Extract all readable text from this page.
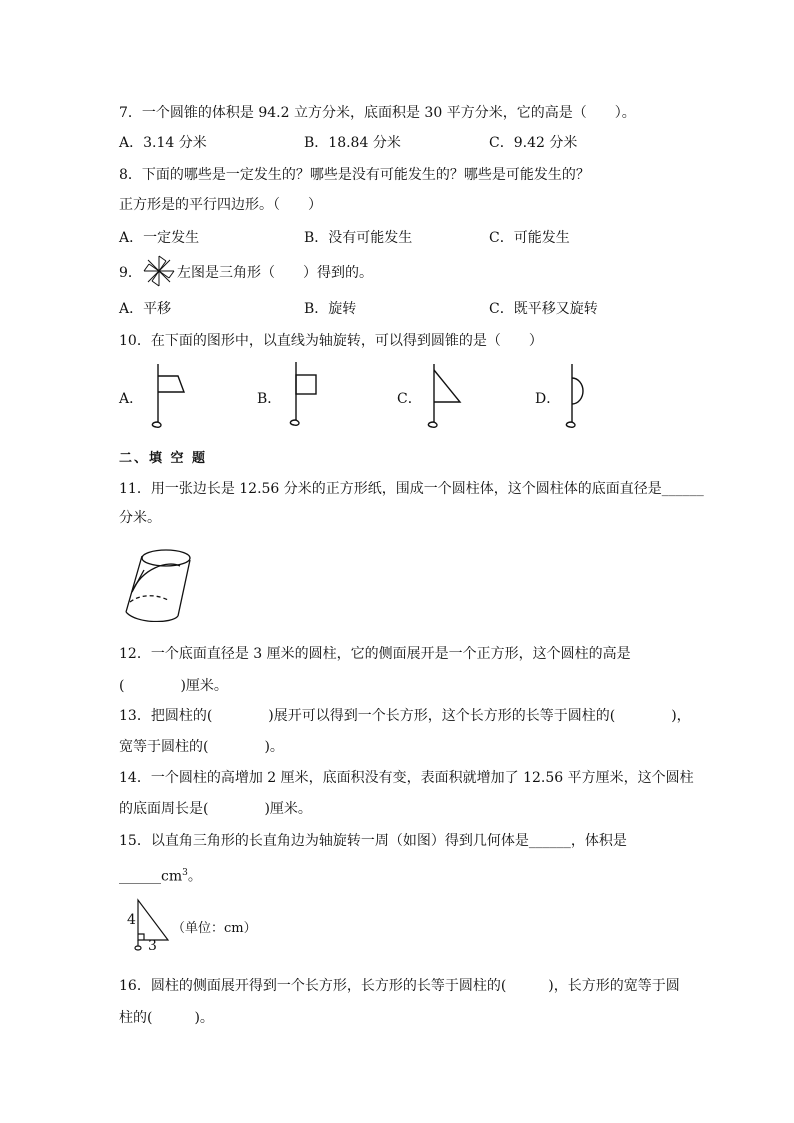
7．一个圆锥的体积是 94.2 立方分米，底面积是 30 平方分米，它的高是（　　）。
A．3.14 分米	B．18.84 分米	C．9.42 分米
8．下面的哪些是一定发生的？哪些是没有可能发生的？哪些是可能发生的？
正方形是的平行四边形。（　　）
A．一定发生	B．没有可能发生	C．可能发生
9．	左图是三角形（　　）得到的。
A．平移	B．旋转	C．既平移又旋转
10．在下面的图形中，以直线为轴旋转，可以得到圆锥的是（　　）
A．	B．	C．	D．
二、填 空 题
11．用一张边长是 12.56 分米的正方形纸，围成一个圆柱体，这个圆柱体的底面直径是______
分米。
12．一个底面直径是 3 厘米的圆柱，它的侧面展开是一个正方形，这个圆柱的高是
(　　　　)厘米。
13．把圆柱的(　　　　)展开可以得到一个长方形，这个长方形的长等于圆柱的(　　　　)，
宽等于圆柱的(　　　　)。
14．一个圆柱的高增加 2 厘米，底面积没有变，表面积就增加了 12.56 平方厘米，这个圆柱
的底面周长是(　　　　)厘米。
15．以直角三角形的长直角边为轴旋转一周（如图）得到几何体是______，体积是
$\_\_\_\_\_\_cm^3$。
4
3
（单位：cm）
16．圆柱的侧面展开得到一个长方形，长方形的长等于圆柱的(　　　)，长方形的宽等于圆
柱的(　　　)。
